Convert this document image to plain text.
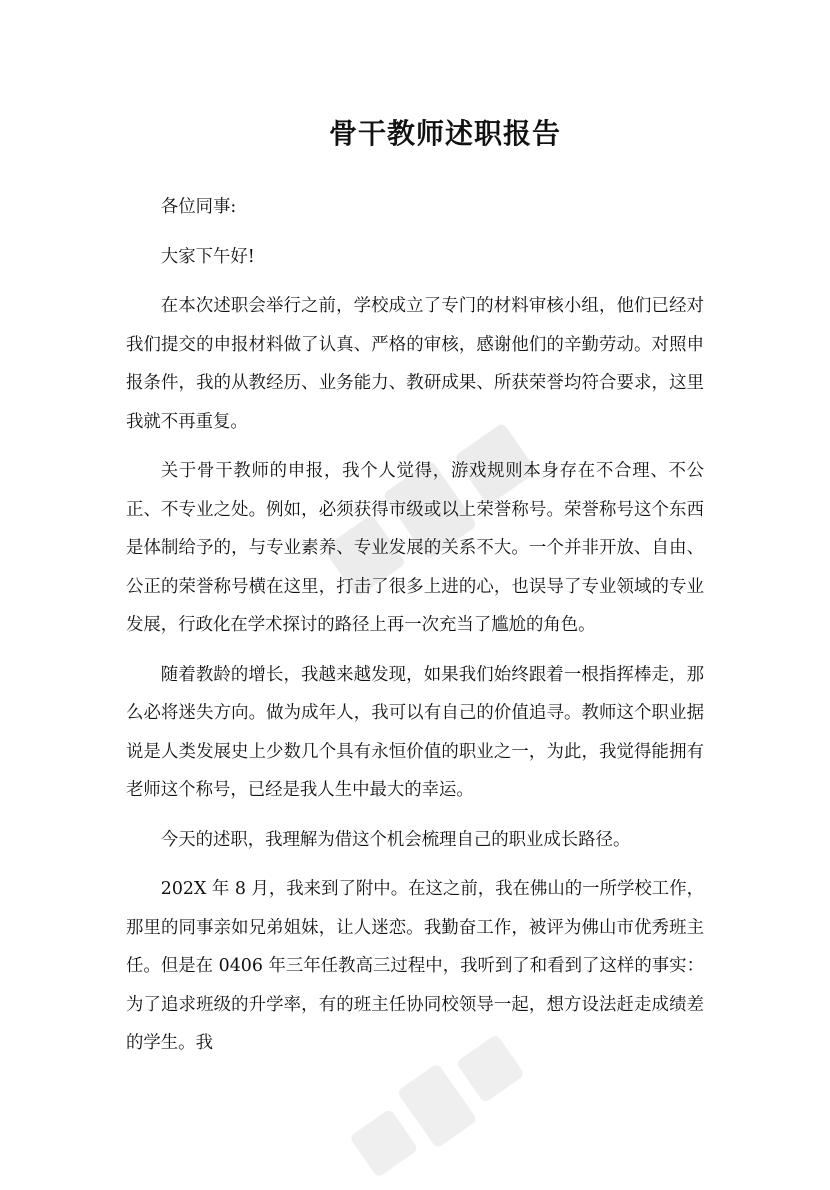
骨干教师述职报告

各位同事:

大家下午好!

在本次述职会举行之前，学校成立了专门的材料审核小组，他们已经对我们提交的申报材料做了认真、严格的审核，感谢他们的辛勤劳动。对照申报条件，我的从教经历、业务能力、教研成果、所获荣誉均符合要求，这里我就不再重复。

关于骨干教师的申报，我个人觉得，游戏规则本身存在不合理、不公正、不专业之处。例如，必须获得市级或以上荣誉称号。荣誉称号这个东西是体制给予的，与专业素养、专业发展的关系不大。一个并非开放、自由、公正的荣誉称号横在这里，打击了很多上进的心，也误导了专业领域的专业发展，行政化在学术探讨的路径上再一次充当了尴尬的角色。

随着教龄的增长，我越来越发现，如果我们始终跟着一根指挥棒走，那么必将迷失方向。做为成年人，我可以有自己的价值追寻。教师这个职业据说是人类发展史上少数几个具有永恒价值的职业之一，为此，我觉得能拥有老师这个称号，已经是我人生中最大的幸运。

今天的述职，我理解为借这个机会梳理自己的职业成长路径。

202X 年 8 月，我来到了附中。在这之前，我在佛山的一所学校工作，那里的同事亲如兄弟姐妹，让人迷恋。我勤奋工作，被评为佛山市优秀班主任。但是在 0406 年三年任教高三过程中，我听到了和看到了这样的事实：为了追求班级的升学率，有的班主任协同校领导一起，想方设法赶走成绩差的学生。我
